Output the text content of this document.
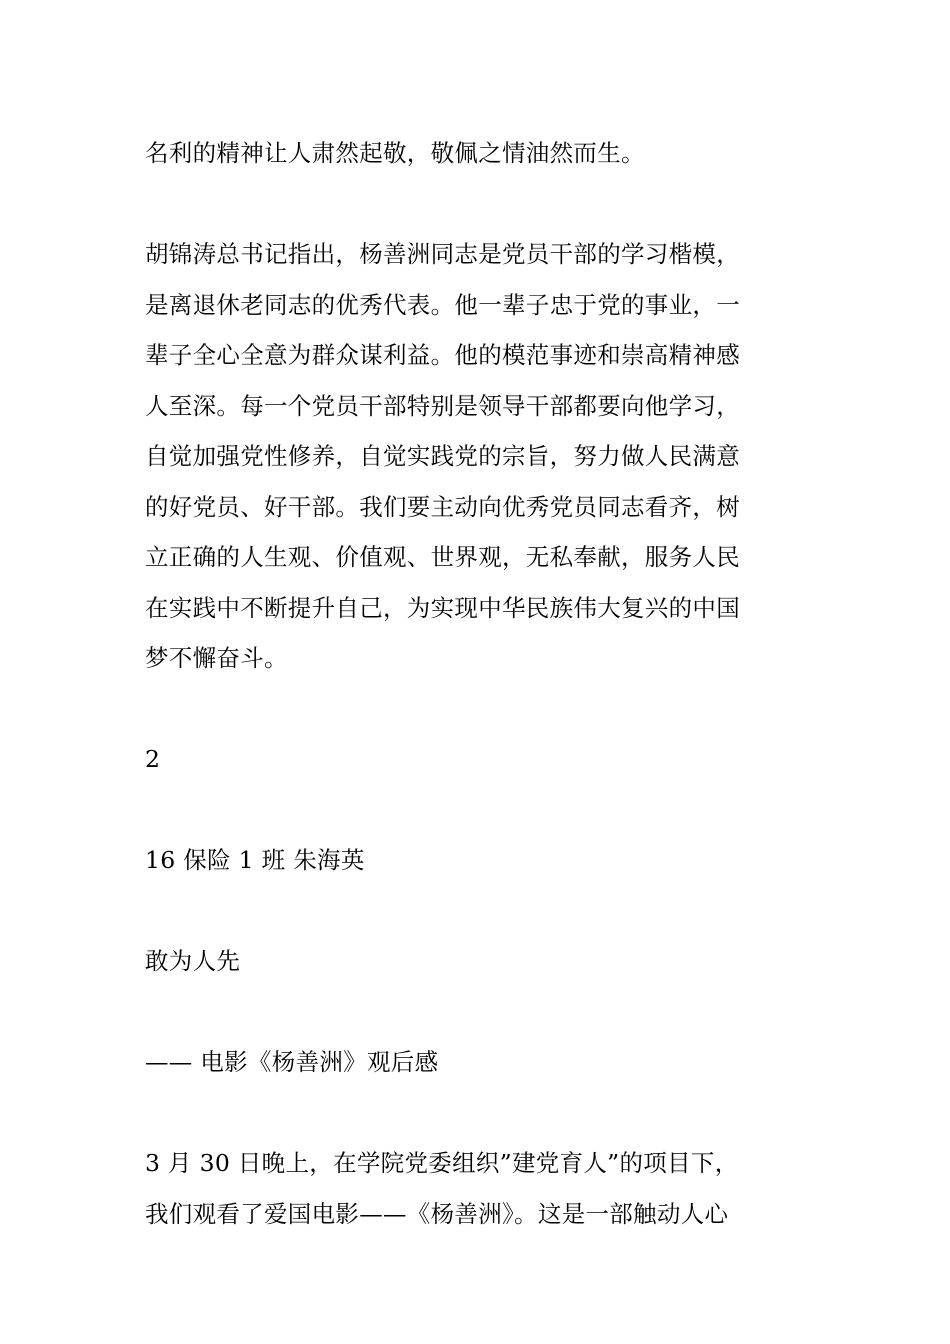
名利的精神让人肃然起敬，敬佩之情油然而生。
胡锦涛总书记指出，杨善洲同志是党员干部的学习楷模，
是离退休老同志的优秀代表。他一辈子忠于党的事业，一
辈子全心全意为群众谋利益。他的模范事迹和崇高精神感
人至深。每一个党员干部特别是领导干部都要向他学习，
自觉加强党性修养，自觉实践党的宗旨，努力做人民满意
的好党员、好干部。我们要主动向优秀党员同志看齐，树
立正确的人生观、价值观、世界观，无私奉献，服务人民
在实践中不断提升自己，为实现中华民族伟大复兴的中国
梦不懈奋斗。
2
16 保险 1 班 朱海英
敢为人先
—— 电影《杨善洲》观后感
3 月 30 日晚上，在学院党委组织”建党育人”的项目下，
我们观看了爱国电影——《杨善洲》。这是一部触动人心
